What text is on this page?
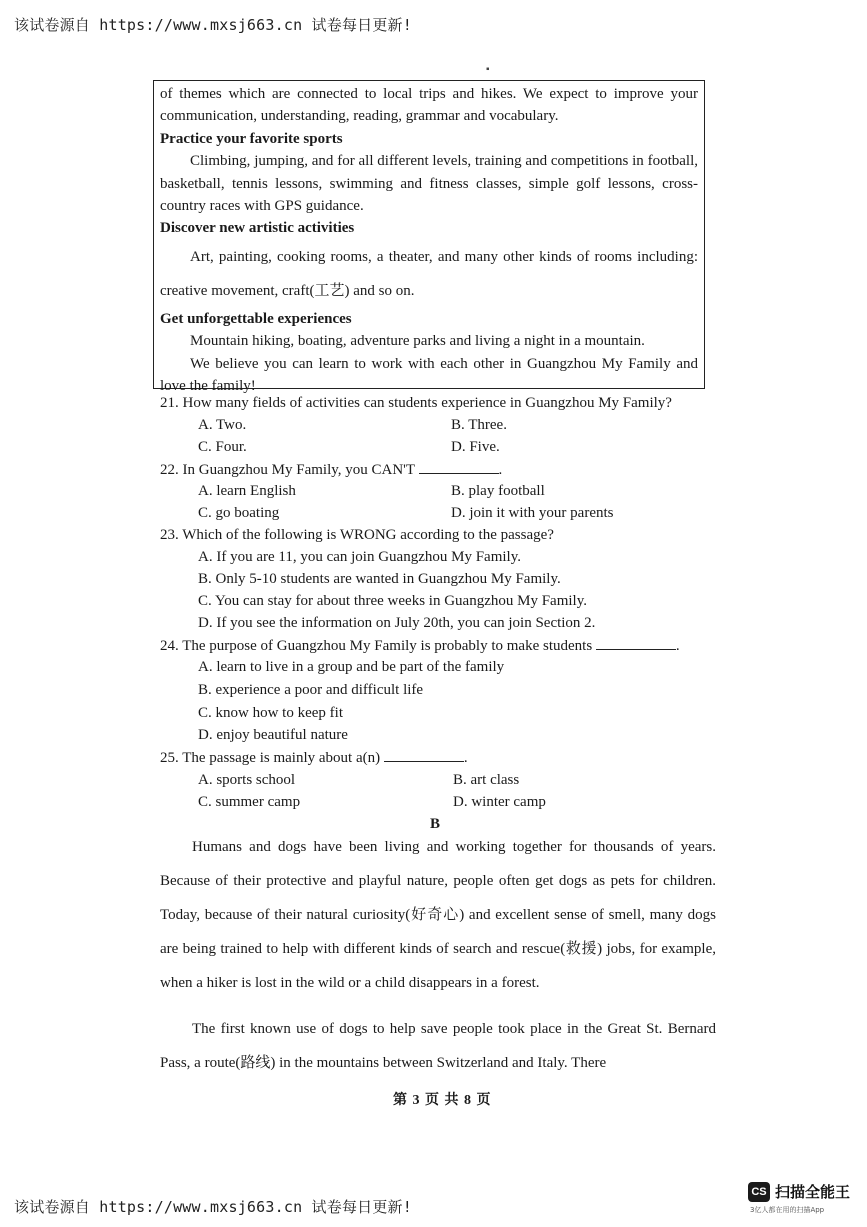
该试卷源自 https://www.mxsj663.cn 试卷每日更新!
▪

of themes which are connected to local trips and hikes. We expect to improve your communication, understanding, reading, grammar and vocabulary.

Practice your favorite sports

Climbing, jumping, and for all different levels, training and competitions in football, basketball, tennis lessons, swimming and fitness classes, simple golf lessons, cross-country races with GPS guidance.

Discover new artistic activities

Art, painting, cooking rooms, a theater, and many other kinds of rooms including: creative movement, craft(工艺) and so on.

Get unforgettable experiences

Mountain hiking, boating, adventure parks and living a night in a mountain.

We believe you can learn to work with each other in Guangzhou My Family and love the family!

21. How many fields of activities can students experience in Guangzhou My Family?
A. Two.	B. Three.
C. Four.	D. Five.
22. In Guangzhou My Family, you CAN'T	.
A. learn English	B. play football
C. go boating	D. join it with your parents
23. Which of the following is WRONG according to the passage?
A. If you are 11, you can join Guangzhou My Family.
B. Only 5-10 students are wanted in Guangzhou My Family.
C. You can stay for about three weeks in Guangzhou My Family.
D. If you see the information on July 20th, you can join Section 2.
24. The purpose of Guangzhou My Family is probably to make students	.
A. learn to live in a group and be part of the family
B. experience a poor and difficult life
C. know how to keep fit
D. enjoy beautiful nature
25. The passage is mainly about a(n)	.
A. sports school	B. art class
C. summer camp	D. winter camp
B

Humans and dogs have been living and working together for thousands of years. Because of their protective and playful nature, people often get dogs as pets for children. Today, because of their natural curiosity(好奇心) and excellent sense of smell, many dogs are being trained to help with different kinds of search and rescue(救援) jobs, for example, when a hiker is lost in the wild or a child disappears in a forest.

The first known use of dogs to help save people took place in the Great St. Bernard Pass, a route(路线) in the mountains between Switzerland and Italy. There

第 3 页 共 8 页
该试卷源自 https://www.mxsj663.cn 试卷每日更新!
CS 扫描全能王
3亿人都在用的扫描App
